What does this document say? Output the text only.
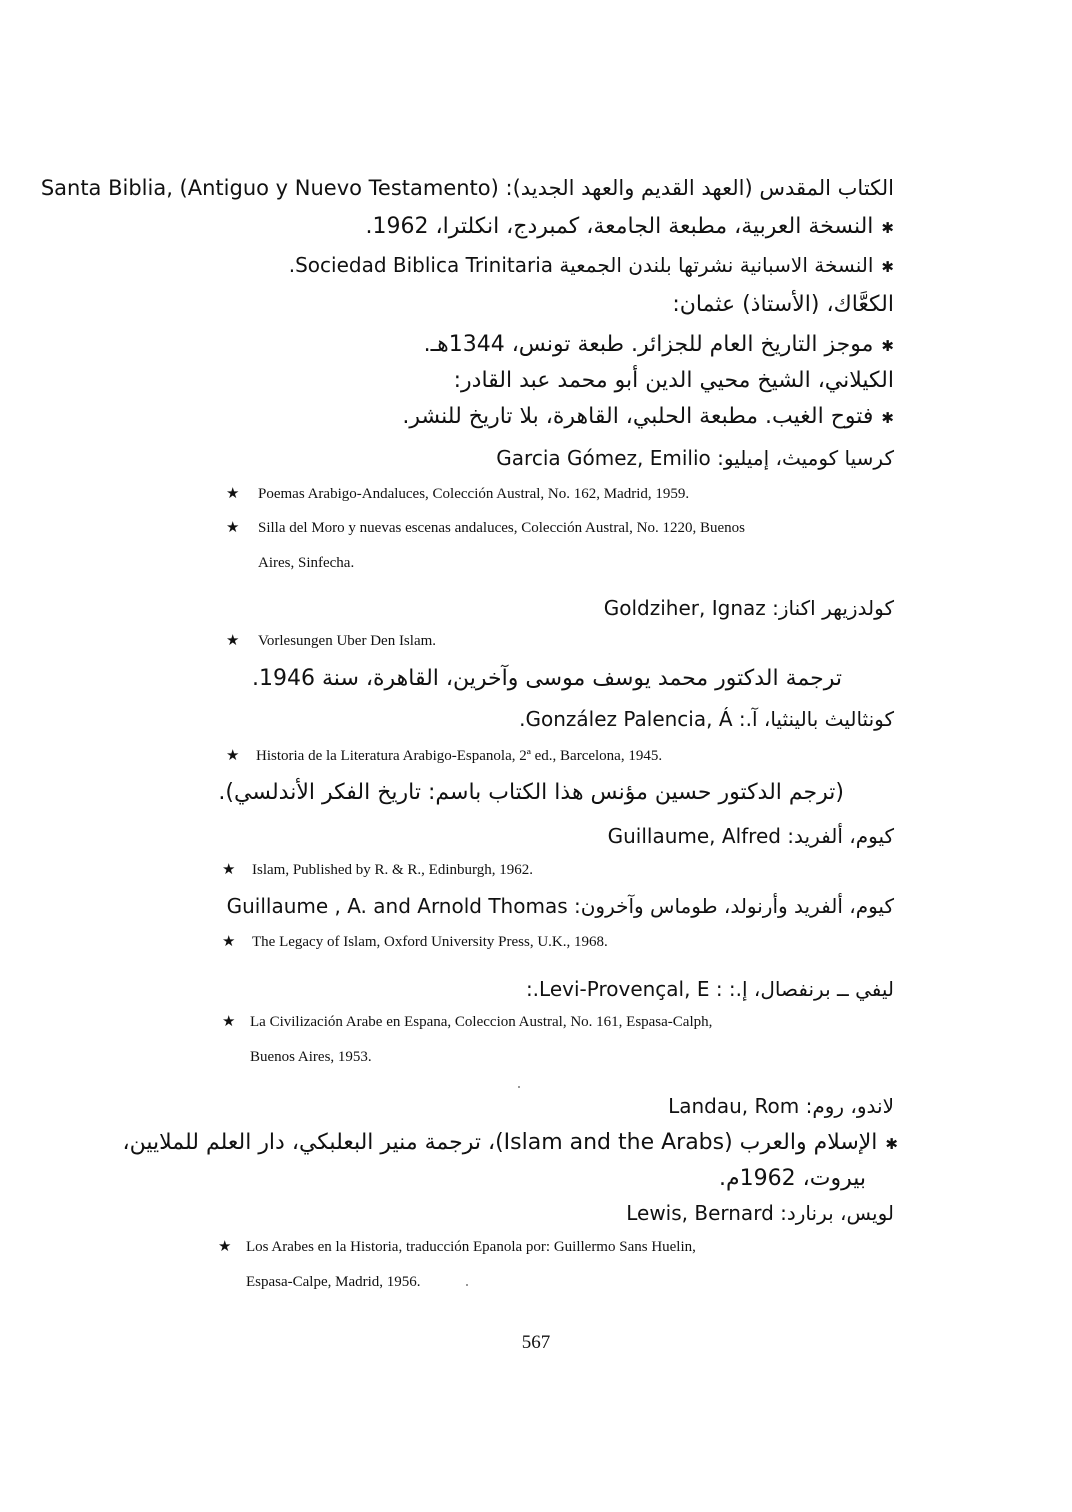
الكتاب المقدس (العهد القديم والعهد الجديد): Santa Biblia, (Antiguo y Nuevo Testamento)
✱النسخة العربية، مطبعة الجامعة، كمبردج، انكلترا، 1962.
✱النسخة الاسبانية نشرتها بلندن الجمعية Sociedad Biblica Trinitaria.
الكعَّاك، (الأستاذ) عثمان:
✱موجز التاريخ العام للجزائر. طبعة تونس، 1344هـ.
الكيلاني، الشيخ محيي الدين أبو محمد عبد القادر:
✱فتوح الغيب. مطبعة الحلبي، القاهرة، بلا تاريخ للنشر.
كرسيا كوميث، إميليو: Garcia Gómez, Emilio
★ Poemas Arabigo-Andaluces, Colección Austral, No. 162, Madrid, 1959.
★ Silla del Moro y nuevas escenas andaluces, Colección Austral, No. 1220, Buenos
Aires, Sinfecha.
كولدزيهر اكناز: Goldziher, Ignaz
★ Vorlesungen Uber Den Islam.
ترجمة الدكتور محمد يوسف موسى وآخرين، القاهرة، سنة 1946.
كونثاليث بالينثيا، آ.: González Palencia, Á.
★ Historia de la Literatura Arabigo-Espanola, 2ª ed., Barcelona, 1945.
(ترجم الدكتور حسين مؤنس هذا الكتاب باسم: تاريخ الفكر الأندلسي).
كيوم، ألفريد: Guillaume, Alfred
★ Islam, Published by R. & R., Edinburgh, 1962.
كيوم، ألفريد وأرنولد، طوماس وآخرون: Guillaume , A. and Arnold Thomas
★ The Legacy of Islam, Oxford University Press, U.K., 1968.
ليفي ــ برنفصال، إ.: : Levi-Provençal, E.:
★ La Civilización Arabe en Espana, Coleccion Austral, No. 161, Espasa-Calph,
Buenos Aires, 1953.
لاندو، روم: Landau, Rom
✱الإسلام والعرب (Islam and the Arabs)، ترجمة منير البعلبكي، دار العلم للملايين،
بيروت، 1962م.
لويس، برنارد: Lewis, Bernard
★ Los Arabes en la Historia, traducción Epanola por: Guillermo Sans Huelin,
Espasa-Calpe, Madrid, 1956.
567
